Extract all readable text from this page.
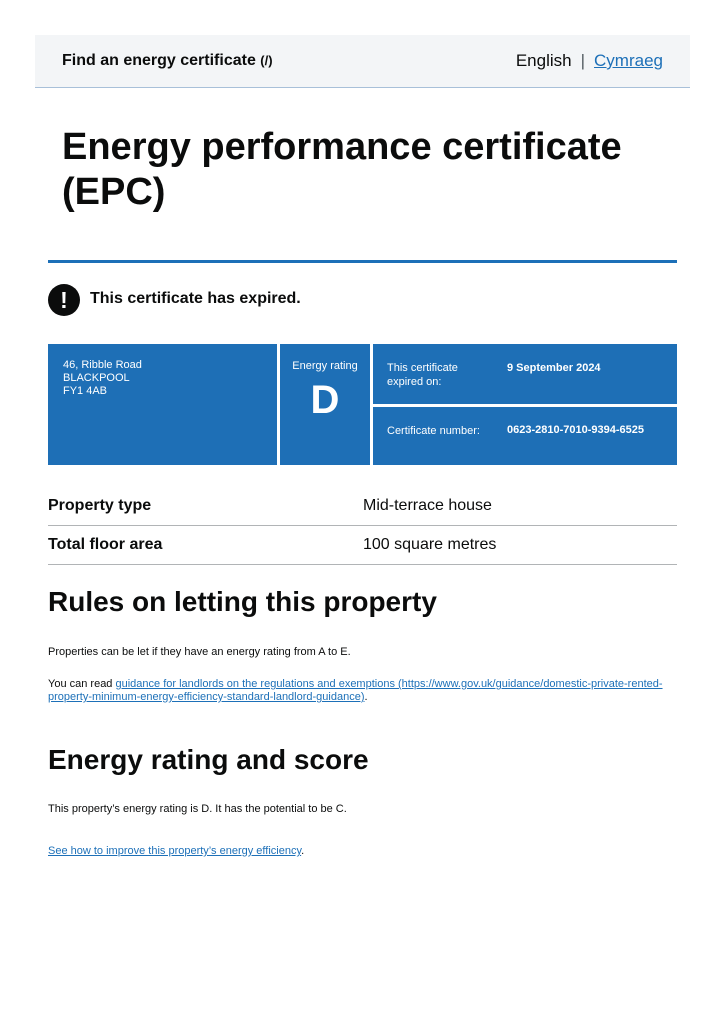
Find an energy certificate (/)	English | Cymraeg
Energy performance certificate (EPC)
!	This certificate has expired.
46, Ribble Road
BLACKPOOL
FY1 4AB
Energy rating
D
This certificate expired on:
9 September 2024
Certificate number:	0623-2810-7010-9394-6525
Property type	Mid-terrace house
Total floor area	100 square metres
Rules on letting this property

Properties can be let if they have an energy rating from A to E.

You can read guidance for landlords on the regulations and exemptions (https://www.gov.uk/guidance/domestic-private-rented-property-minimum-energy-efficiency-standard-landlord-guidance).

Energy rating and score

This property’s energy rating is D. It has the potential to be C.

See how to improve this property’s energy efficiency.
